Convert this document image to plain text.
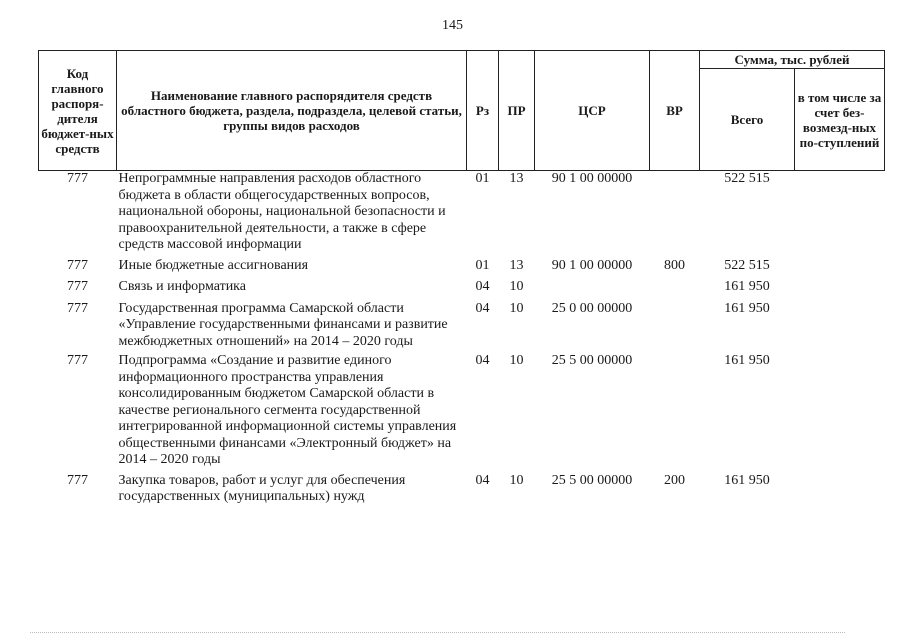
145
Код главного распоря-дителя бюджет-ных средств	Наименование главного распорядителя средств областного бюджета, раздела, подраздела, целевой статьи, группы видов расходов	Рз	ПР	ЦСР	ВР	Сумма, тыс. рублей	
						Всего	в том числе за счет без-возмезд-ных по-ступлений
777	Непрограммные направления расходов областного бюджета в области общегосударственных вопросов, национальной обороны, национальной безопасности и правоохранительной деятельности, а также в сфере средств массовой информации	01	13	90 1 00 00000		522 515	
777	Иные бюджетные ассигнования	01	13	90 1 00 00000	800	522 515	
777	Связь и информатика	04	10			161 950	
777	Государственная программа Самарской области «Управление государственными финансами и развитие межбюджетных отношений» на 2014 – 2020 годы	04	10	25 0 00 00000		161 950	
777	Подпрограмма «Создание и развитие единого информационного пространства управления консолидированным бюджетом Самарской области в качестве регионального сегмента государственной интегрированной информационной системы управления общественными финансами «Электронный бюджет» на 2014 – 2020 годы	04	10	25 5 00 00000		161 950	
777	Закупка товаров, работ и услуг для обеспечения государственных (муниципальных) нужд	04	10	25 5 00 00000	200	161 950	
